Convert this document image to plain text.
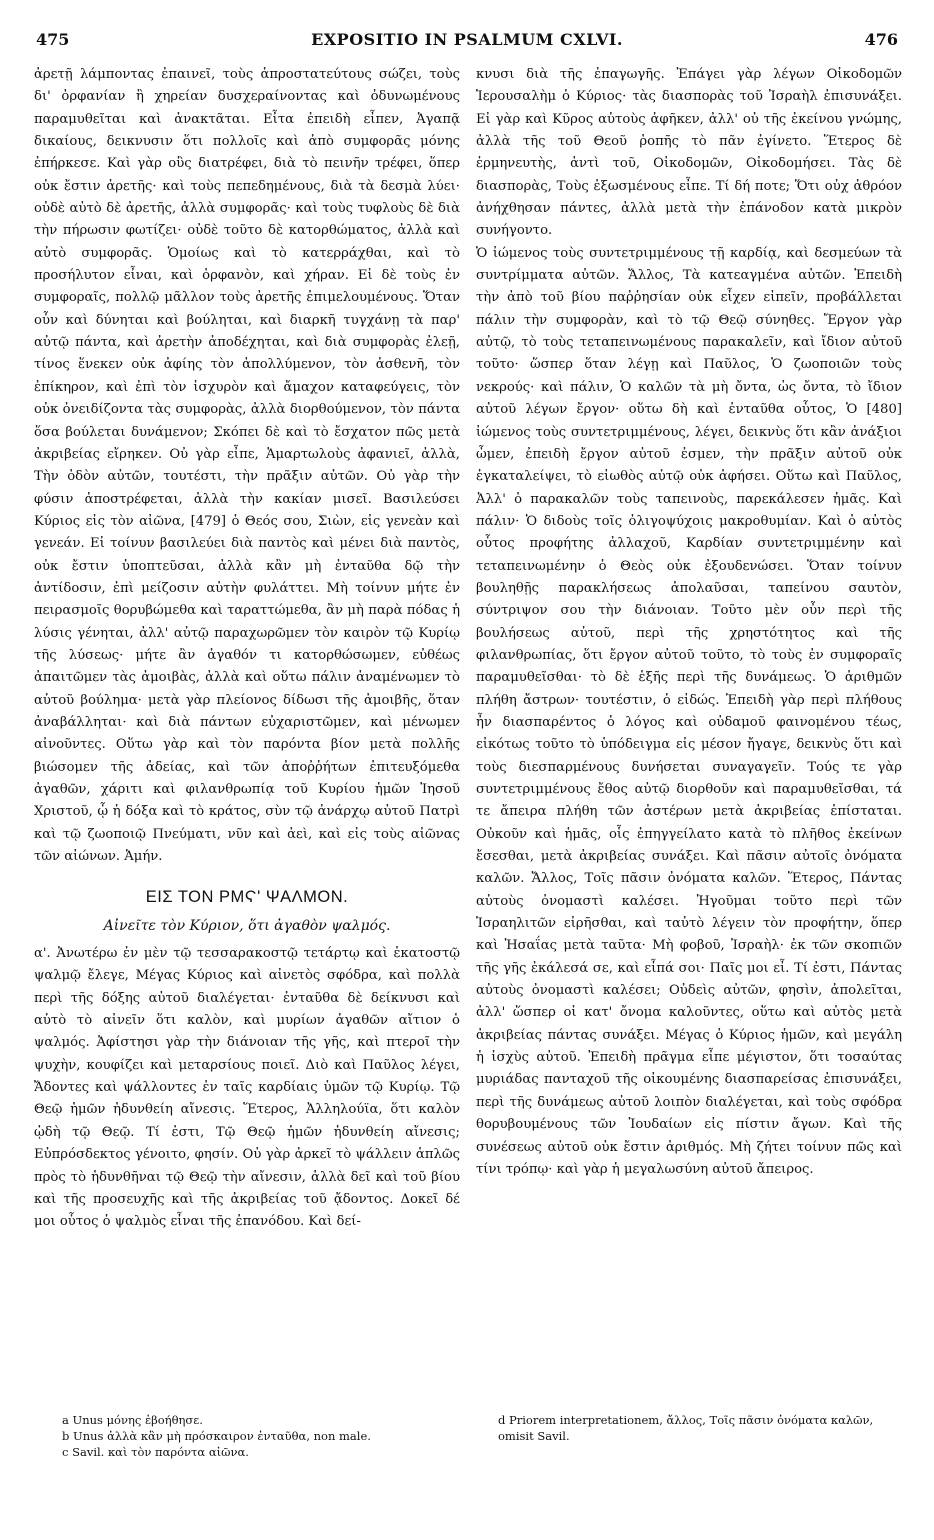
475	EXPOSITIO IN PSALMUM CXLVI.	476

ἀρετῇ λάμποντας ἐπαινεῖ, τοὺς ἀπροστατεύτους σώζει, τοὺς δι' ὀρφανίαν ἢ χηρείαν δυσχεραίνοντας καὶ ὀδυνωμένους παραμυθεῖται καὶ ἀνακτᾶται. Εἶτα ἐπειδὴ εἶπεν, Ἀγαπᾷ δικαίους, δεικνυσιν ὅτι πολλοῖς καὶ ἀπὸ συμφορᾶς μόνης ἐπήρκεσε. Καὶ γὰρ οὓς διατρέφει, διὰ τὸ πεινῆν τρέφει, ὅπερ οὐκ ἔστιν ἀρετῆς· καὶ τοὺς πεπεδημένους, διὰ τὰ δεσμὰ λύει· οὐδὲ αὐτὸ δὲ ἀρετῆς, ἀλλὰ συμφορᾶς· καὶ τοὺς τυφλοὺς δὲ διὰ τὴν πήρωσιν φωτίζει· οὐδὲ τοῦτο δὲ κατορθώματος, ἀλλὰ καὶ αὐτὸ συμφορᾶς. Ὁμοίως καὶ τὸ κατερράχθαι, καὶ τὸ προσήλυτον εἶναι, καὶ ὀρφανὸν, καὶ χήραν. Εἰ δὲ τοὺς ἐν συμφοραῖς, πολλῷ μᾶλλον τοὺς ἀρετῆς ἐπιμελουμένους. Ὅταν οὖν καὶ δύνηται καὶ βούληται, καὶ διαρκῆ τυγχάνῃ τὰ παρ' αὐτῷ πάντα, καὶ ἀρετὴν ἀποδέχηται, καὶ διὰ συμφορὰς ἐλεῇ, τίνος ἕνεκεν οὐκ ἀφίης τὸν ἀπολλύμενον, τὸν ἀσθενῆ, τὸν ἐπίκηρον, καὶ ἐπὶ τὸν ἰσχυρὸν καὶ ἄμαχον καταφεύγεις, τὸν οὐκ ὀνειδίζοντα τὰς συμφορὰς, ἀλλὰ διορθούμενον, τὸν πάντα ὅσα βούλεται δυνάμενον; Σκόπει δὲ καὶ τὸ ἔσχατον πῶς μετὰ ἀκριβείας εἴρηκεν. Οὐ γὰρ εἶπε, Ἁμαρτωλοὺς ἀφανιεῖ, ἀλλὰ, Τὴν ὁδὸν αὐτῶν, τουτέστι, τὴν πρᾶξιν αὐτῶν. Οὐ γὰρ τὴν φύσιν ἀποστρέφεται, ἀλλὰ τὴν κακίαν μισεῖ. Βασιλεύσει Κύριος εἰς τὸν αἰῶνα, [479] ὁ Θεός σου, Σιὼν, εἰς γενεὰν καὶ γενεάν. Εἰ τοίνυν βασιλεύει διὰ παντὸς καὶ μένει διὰ παντὸς, οὐκ ἔστιν ὑποπτεῦσαι, ἀλλὰ κἂν μὴ ἐνταῦθα δῷ τὴν ἀντίδοσιν, ἐπὶ μείζοσιν αὐτὴν φυλάττει. Μὴ τοίνυν μήτε ἐν πειρασμοῖς θορυβώμεθα καὶ ταραττώμεθα, ἂν μὴ παρὰ πόδας ἡ λύσις γένηται, ἀλλ' αὐτῷ παραχωρῶμεν τὸν καιρὸν τῷ Κυρίῳ τῆς λύσεως· μήτε ἂν ἀγαθόν τι κατορθώσωμεν, εὐθέως ἀπαιτῶμεν τὰς ἀμοιβὰς, ἀλλὰ καὶ οὕτω πάλιν ἀναμένωμεν τὸ αὐτοῦ βούλημα· μετὰ γὰρ πλείονος δίδωσι τῆς ἀμοιβῆς, ὅταν ἀναβάλληται· καὶ διὰ πάντων εὐχαριστῶμεν, καὶ μένωμεν αἰνοῦντες. Οὕτω γὰρ καὶ τὸν παρόντα βίον μετὰ πολλῆς βιώσομεν τῆς ἀδείας, καὶ τῶν ἀποῤῥήτων ἐπιτευξόμεθα ἀγαθῶν, χάριτι καὶ φιλανθρωπίᾳ τοῦ Κυρίου ἡμῶν Ἰησοῦ Χριστοῦ, ᾧ ἡ δόξα καὶ τὸ κράτος, σὺν τῷ ἀνάρχῳ αὐτοῦ Πατρὶ καὶ τῷ ζωοποιῷ Πνεύματι, νῦν καὶ ἀεὶ, καὶ εἰς τοὺς αἰῶνας τῶν αἰώνων. Ἀμήν.

ΕΙΣ ΤΟΝ ΡΜϚ' ΨΑΛΜΟΝ.
Αἰνεῖτε τὸν Κύριον, ὅτι ἀγαθὸν ψαλμός.

α'. Ἀνωτέρω ἐν μὲν τῷ τεσσαρακοστῷ τετάρτῳ καὶ ἑκατοστῷ ψαλμῷ ἔλεγε, Μέγας Κύριος καὶ αἰνετὸς σφόδρα, καὶ πολλὰ περὶ τῆς δόξης αὐτοῦ διαλέγεται· ἐνταῦθα δὲ δείκνυσι καὶ αὐτὸ τὸ αἰνεῖν ὅτι καλὸν, καὶ μυρίων ἀγαθῶν αἴτιον ὁ ψαλμός. Ἀφίστησι γὰρ τὴν διάνοιαν τῆς γῆς, καὶ πτεροῖ τὴν ψυχὴν, κουφίζει καὶ μεταρσίους ποιεῖ. Διὸ καὶ Παῦλος λέγει, Ἄδοντες καὶ ψάλλοντες ἐν ταῖς καρδίαις ὑμῶν τῷ Κυρίῳ. Τῷ Θεῷ ἡμῶν ἡδυνθείη αἴνεσις. Ἕτερος, Ἀλληλούϊα, ὅτι καλὸν ᾠδὴ τῷ Θεῷ. Τί ἐστι, Τῷ Θεῷ ἡμῶν ἡδυνθείη αἴνεσις; Εὐπρόσδεκτος γένοιτο, φησίν. Οὐ γὰρ ἀρκεῖ τὸ ψάλλειν ἁπλῶς πρὸς τὸ ἡδυνθῆναι τῷ Θεῷ τὴν αἴνεσιν, ἀλλὰ δεῖ καὶ τοῦ βίου καὶ τῆς προσευχῆς καὶ τῆς ἀκριβείας τοῦ ᾄδοντος. Δοκεῖ δέ μοι οὗτος ὁ ψαλμὸς εἶναι τῆς ἐπανόδου. Καὶ δεί-

κνυσι διὰ τῆς ἐπαγωγῆς. Ἐπάγει γὰρ λέγων Οἰκοδομῶν Ἱερουσαλὴμ ὁ Κύριος· τὰς διασπορὰς τοῦ Ἰσραὴλ ἐπισυνάξει. Εἰ γὰρ καὶ Κῦρος αὐτοὺς ἀφῆκεν, ἀλλ' οὐ τῆς ἐκείνου γνώμης, ἀλλὰ τῆς τοῦ Θεοῦ ῥοπῆς τὸ πᾶν ἐγίνετο. Ἕτερος δὲ ἑρμηνευτὴς, ἀντὶ τοῦ, Οἰκοδομῶν, Οἰκοδομήσει. Τὰς δὲ διασπορὰς, Τοὺς ἐξωσμένους εἶπε. Τί δή ποτε; Ὅτι οὐχ ἀθρόον ἀνήχθησαν πάντες, ἀλλὰ μετὰ τὴν ἐπάνοδον κατὰ μικρὸν συνήγοντο.

Ὁ ἰώμενος τοὺς συντετριμμένους τῇ καρδίᾳ, καὶ δεσμεύων τὰ συντρίμματα αὐτῶν. Ἄλλος, Τὰ κατεαγμένα αὐτῶν. Ἐπειδὴ τὴν ἀπὸ τοῦ βίου παῤῥησίαν οὐκ εἶχεν εἰπεῖν, προβάλλεται πάλιν τὴν συμφορὰν, καὶ τὸ τῷ Θεῷ σύνηθες. Ἔργον γὰρ αὐτῷ, τὸ τοὺς τεταπεινωμένους παρακαλεῖν, καὶ ἴδιον αὐτοῦ τοῦτο· ὥσπερ ὅταν λέγῃ καὶ Παῦλος, Ὁ ζωοποιῶν τοὺς νεκρούς· καὶ πάλιν, Ὁ καλῶν τὰ μὴ ὄντα, ὡς ὄντα, τὸ ἴδιον αὐτοῦ λέγων ἔργον· οὕτω δὴ καὶ ἐνταῦθα οὗτος, Ὁ [480] ἰώμενος τοὺς συντετριμμένους, λέγει, δεικνὺς ὅτι κἂν ἀνάξιοι ὦμεν, ἐπειδὴ ἔργον αὐτοῦ ἐσμεν, τὴν πρᾶξιν αὐτοῦ οὐκ ἐγκαταλείψει, τὸ εἰωθὸς αὐτῷ οὐκ ἀφήσει. Οὕτω καὶ Παῦλος, Ἀλλ' ὁ παρακαλῶν τοὺς ταπεινοὺς, παρεκάλεσεν ἡμᾶς. Καὶ πάλιν· Ὁ διδοὺς τοῖς ὀλιγοψύχοις μακροθυμίαν. Καὶ ὁ αὐτὸς οὗτος προφήτης ἀλλαχοῦ, Καρδίαν συντετριμμένην καὶ τεταπεινωμένην ὁ Θεὸς οὐκ ἐξουδενώσει. Ὅταν τοίνυν βουληθῇς παρακλήσεως ἀπολαῦσαι, ταπείνου σαυτὸν, σύντριψον σου τὴν διάνοιαν. Τοῦτο μὲν οὖν περὶ τῆς βουλήσεως αὐτοῦ, περὶ τῆς χρηστότητος καὶ τῆς φιλανθρωπίας, ὅτι ἔργον αὐτοῦ τοῦτο, τὸ τοὺς ἐν συμφοραῖς παραμυθεῖσθαι· τὸ δὲ ἑξῆς περὶ τῆς δυνάμεως. Ὁ ἀριθμῶν πλήθη ἄστρων· τουτέστιν, ὁ εἰδώς. Ἐπειδὴ γὰρ περὶ πλήθους ἦν διασπαρέντος ὁ λόγος καὶ οὐδαμοῦ φαινομένου τέως, εἰκότως τοῦτο τὸ ὑπόδειγμα εἰς μέσον ἤγαγε, δεικνὺς ὅτι καὶ τοὺς διεσπαρμένους δυνήσεται συναγαγεῖν. Τούς τε γὰρ συντετριμμένους ἔθος αὐτῷ διορθοῦν καὶ παραμυθεῖσθαι, τά τε ἄπειρα πλήθη τῶν ἀστέρων μετὰ ἀκριβείας ἐπίσταται. Οὐκοῦν καὶ ἡμᾶς, οἷς ἐπηγγείλατο κατὰ τὸ πλῆθος ἐκείνων ἔσεσθαι, μετὰ ἀκριβείας συνάξει. Καὶ πᾶσιν αὐτοῖς ὀνόματα καλῶν. Ἄλλος, Τοῖς πᾶσιν ὀνόματα καλῶν. Ἕτερος, Πάντας αὐτοὺς ὀνομαστὶ καλέσει. Ἡγοῦμαι τοῦτο περὶ τῶν Ἰσραηλιτῶν εἰρῆσθαι, καὶ ταὐτὸ λέγειν τὸν προφήτην, ὅπερ καὶ Ἡσαΐας μετὰ ταῦτα· Μὴ φοβοῦ, Ἰσραὴλ· ἐκ τῶν σκοπιῶν τῆς γῆς ἐκάλεσά σε, καὶ εἶπά σοι· Παῖς μοι εἶ. Τί ἐστι, Πάντας αὐτοὺς ὀνομαστὶ καλέσει; Οὐδεὶς αὐτῶν, φησὶν, ἀπολεῖται, ἀλλ' ὥσπερ οἱ κατ' ὄνομα καλοῦντες, οὕτω καὶ αὐτὸς μετὰ ἀκριβείας πάντας συνάξει. Μέγας ὁ Κύριος ἡμῶν, καὶ μεγάλη ἡ ἰσχὺς αὐτοῦ. Ἐπειδὴ πρᾶγμα εἶπε μέγιστον, ὅτι τοσαύτας μυριάδας πανταχοῦ τῆς οἰκουμένης διασπαρείσας ἐπισυνάξει, περὶ τῆς δυνάμεως αὐτοῦ λοιπὸν διαλέγεται, καὶ τοὺς σφόδρα θορυβουμένους τῶν Ἰουδαίων εἰς πίστιν ἄγων. Καὶ τῆς συνέσεως αὐτοῦ οὐκ ἔστιν ἀριθμός. Μὴ ζήτει τοίνυν πῶς καὶ τίνι τρόπῳ· καὶ γὰρ ἡ μεγαλωσύνη αὐτοῦ ἄπειρος.

a Unus μόνης ἐβοήθησε.
b Unus ἀλλὰ κἂν μὴ πρόσκαιρον ἐνταῦθα, non male.
c Savil. καὶ τὸν παρόντα αἰῶνα.
d Priorem interpretationem, ἄλλος, Τοῖς πᾶσιν ὀνόματα καλῶν, omisit Savil.
